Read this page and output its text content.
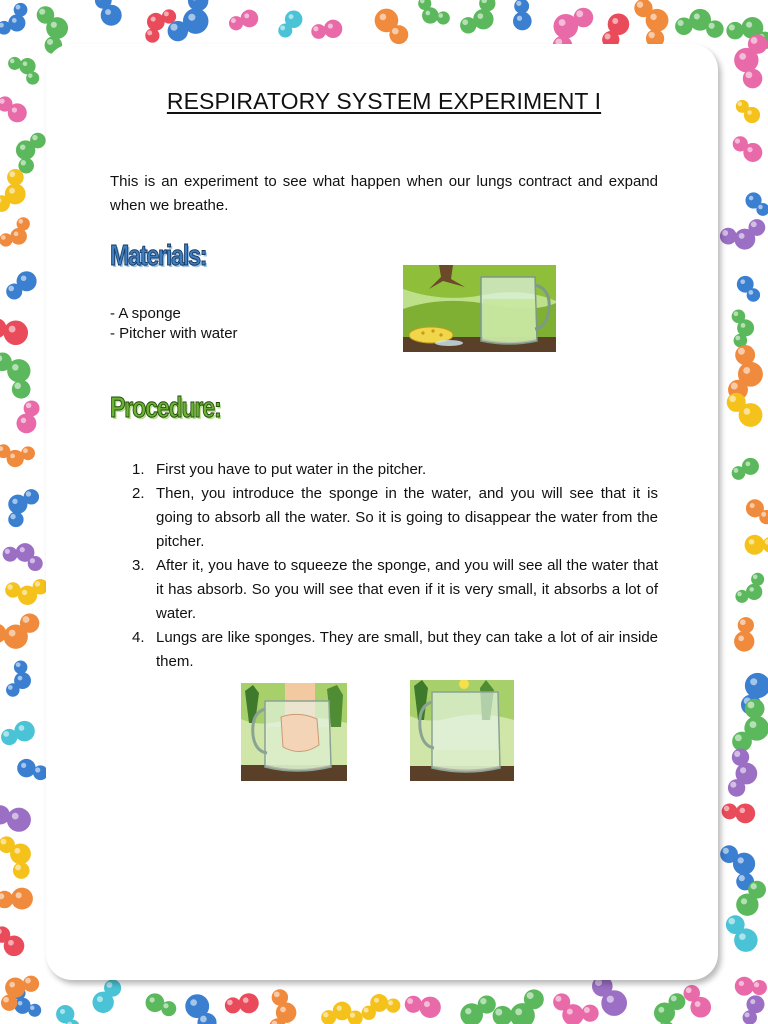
RESPIRATORY SYSTEM EXPERIMENT I
This is an experiment to see what happen when our lungs contract and expand when we breathe.
Materials:
- A sponge
- Pitcher with water
Procedure:
1. First you have to put water in the pitcher.
2. Then, you introduce the sponge in the water, and you will see that it is going to absorb all the water. So it is going to disappear the water from the pitcher.
3. After it, you have to squeeze the sponge, and you will see all the water that it has absorb. So you will see that even if it is very small, it absorbs a lot of water.
4. Lungs are like sponges. They are small, but they can take a lot of air inside them.
